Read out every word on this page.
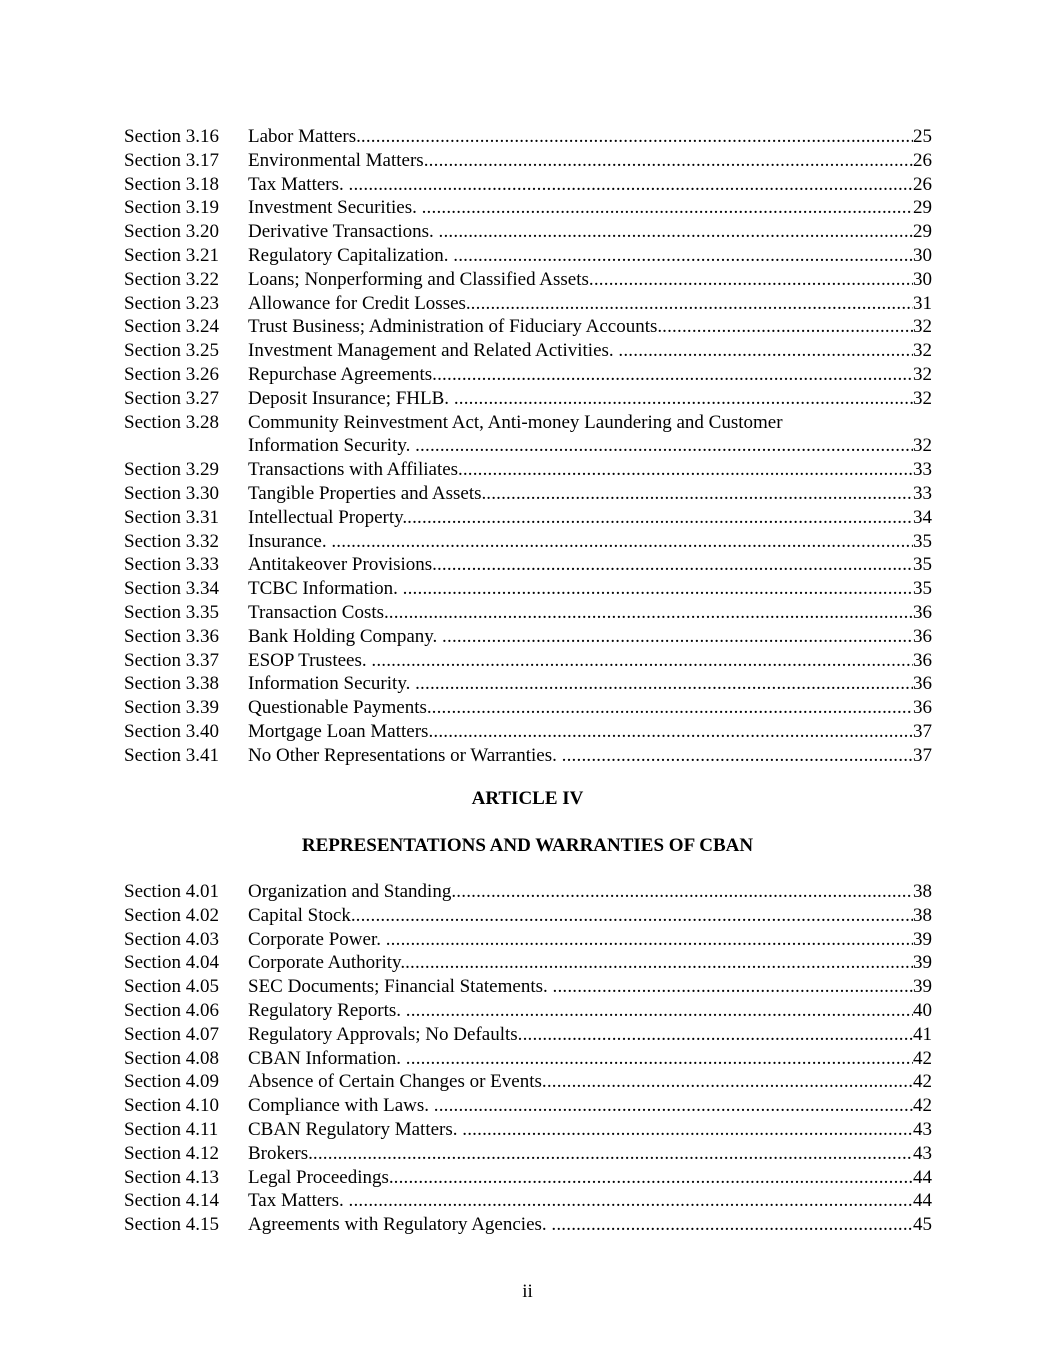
Section 3.16	Labor Matters. .....	25
Section 3.17	Environmental Matters .....	26
Section 3.18	Tax Matters. .....	26
Section 3.19	Investment Securities. .....	29
Section 3.20	Derivative Transactions. .....	29
Section 3.21	Regulatory Capitalization. .....	30
Section 3.22	Loans; Nonperforming and Classified Assets .....	30
Section 3.23	Allowance for Credit Losses. .....	31
Section 3.24	Trust Business; Administration of Fiduciary Accounts. .....	32
Section 3.25	Investment Management and Related Activities. .....	32
Section 3.26	Repurchase Agreements .....	32
Section 3.27	Deposit Insurance; FHLB. .....	32
Section 3.28	Community Reinvestment Act, Anti-money Laundering and Customer
Information Security. .....	32
Section 3.29	Transactions with Affiliates. .....	33
Section 3.30	Tangible Properties and Assets. .....	33
Section 3.31	Intellectual Property. .....	34
Section 3.32	Insurance. .....	35
Section 3.33	Antitakeover Provisions. .....	35
Section 3.34	TCBC Information. .....	35
Section 3.35	Transaction Costs. .....	36
Section 3.36	Bank Holding Company. .....	36
Section 3.37	ESOP Trustees. .....	36
Section 3.38	Information Security. .....	36
Section 3.39	Questionable Payments. .....	36
Section 3.40	Mortgage Loan Matters .....	37
Section 3.41	No Other Representations or Warranties. .....	37
ARTICLE IV
REPRESENTATIONS AND WARRANTIES OF CBAN
Section 4.01	Organization and Standing .....	38
Section 4.02	Capital Stock. .....	38
Section 4.03	Corporate Power. .....	39
Section 4.04	Corporate Authority. .....	39
Section 4.05	SEC Documents; Financial Statements. .....	39
Section 4.06	Regulatory Reports. .....	40
Section 4.07	Regulatory Approvals; No Defaults .....	41
Section 4.08	CBAN Information. .....	42
Section 4.09	Absence of Certain Changes or Events .....	42
Section 4.10	Compliance with Laws. .....	42
Section 4.11	CBAN Regulatory Matters. .....	43
Section 4.12	Brokers. .....	43
Section 4.13	Legal Proceedings. .....	44
Section 4.14	Tax Matters. .....	44
Section 4.15	Agreements with Regulatory Agencies. .....	45
ii
